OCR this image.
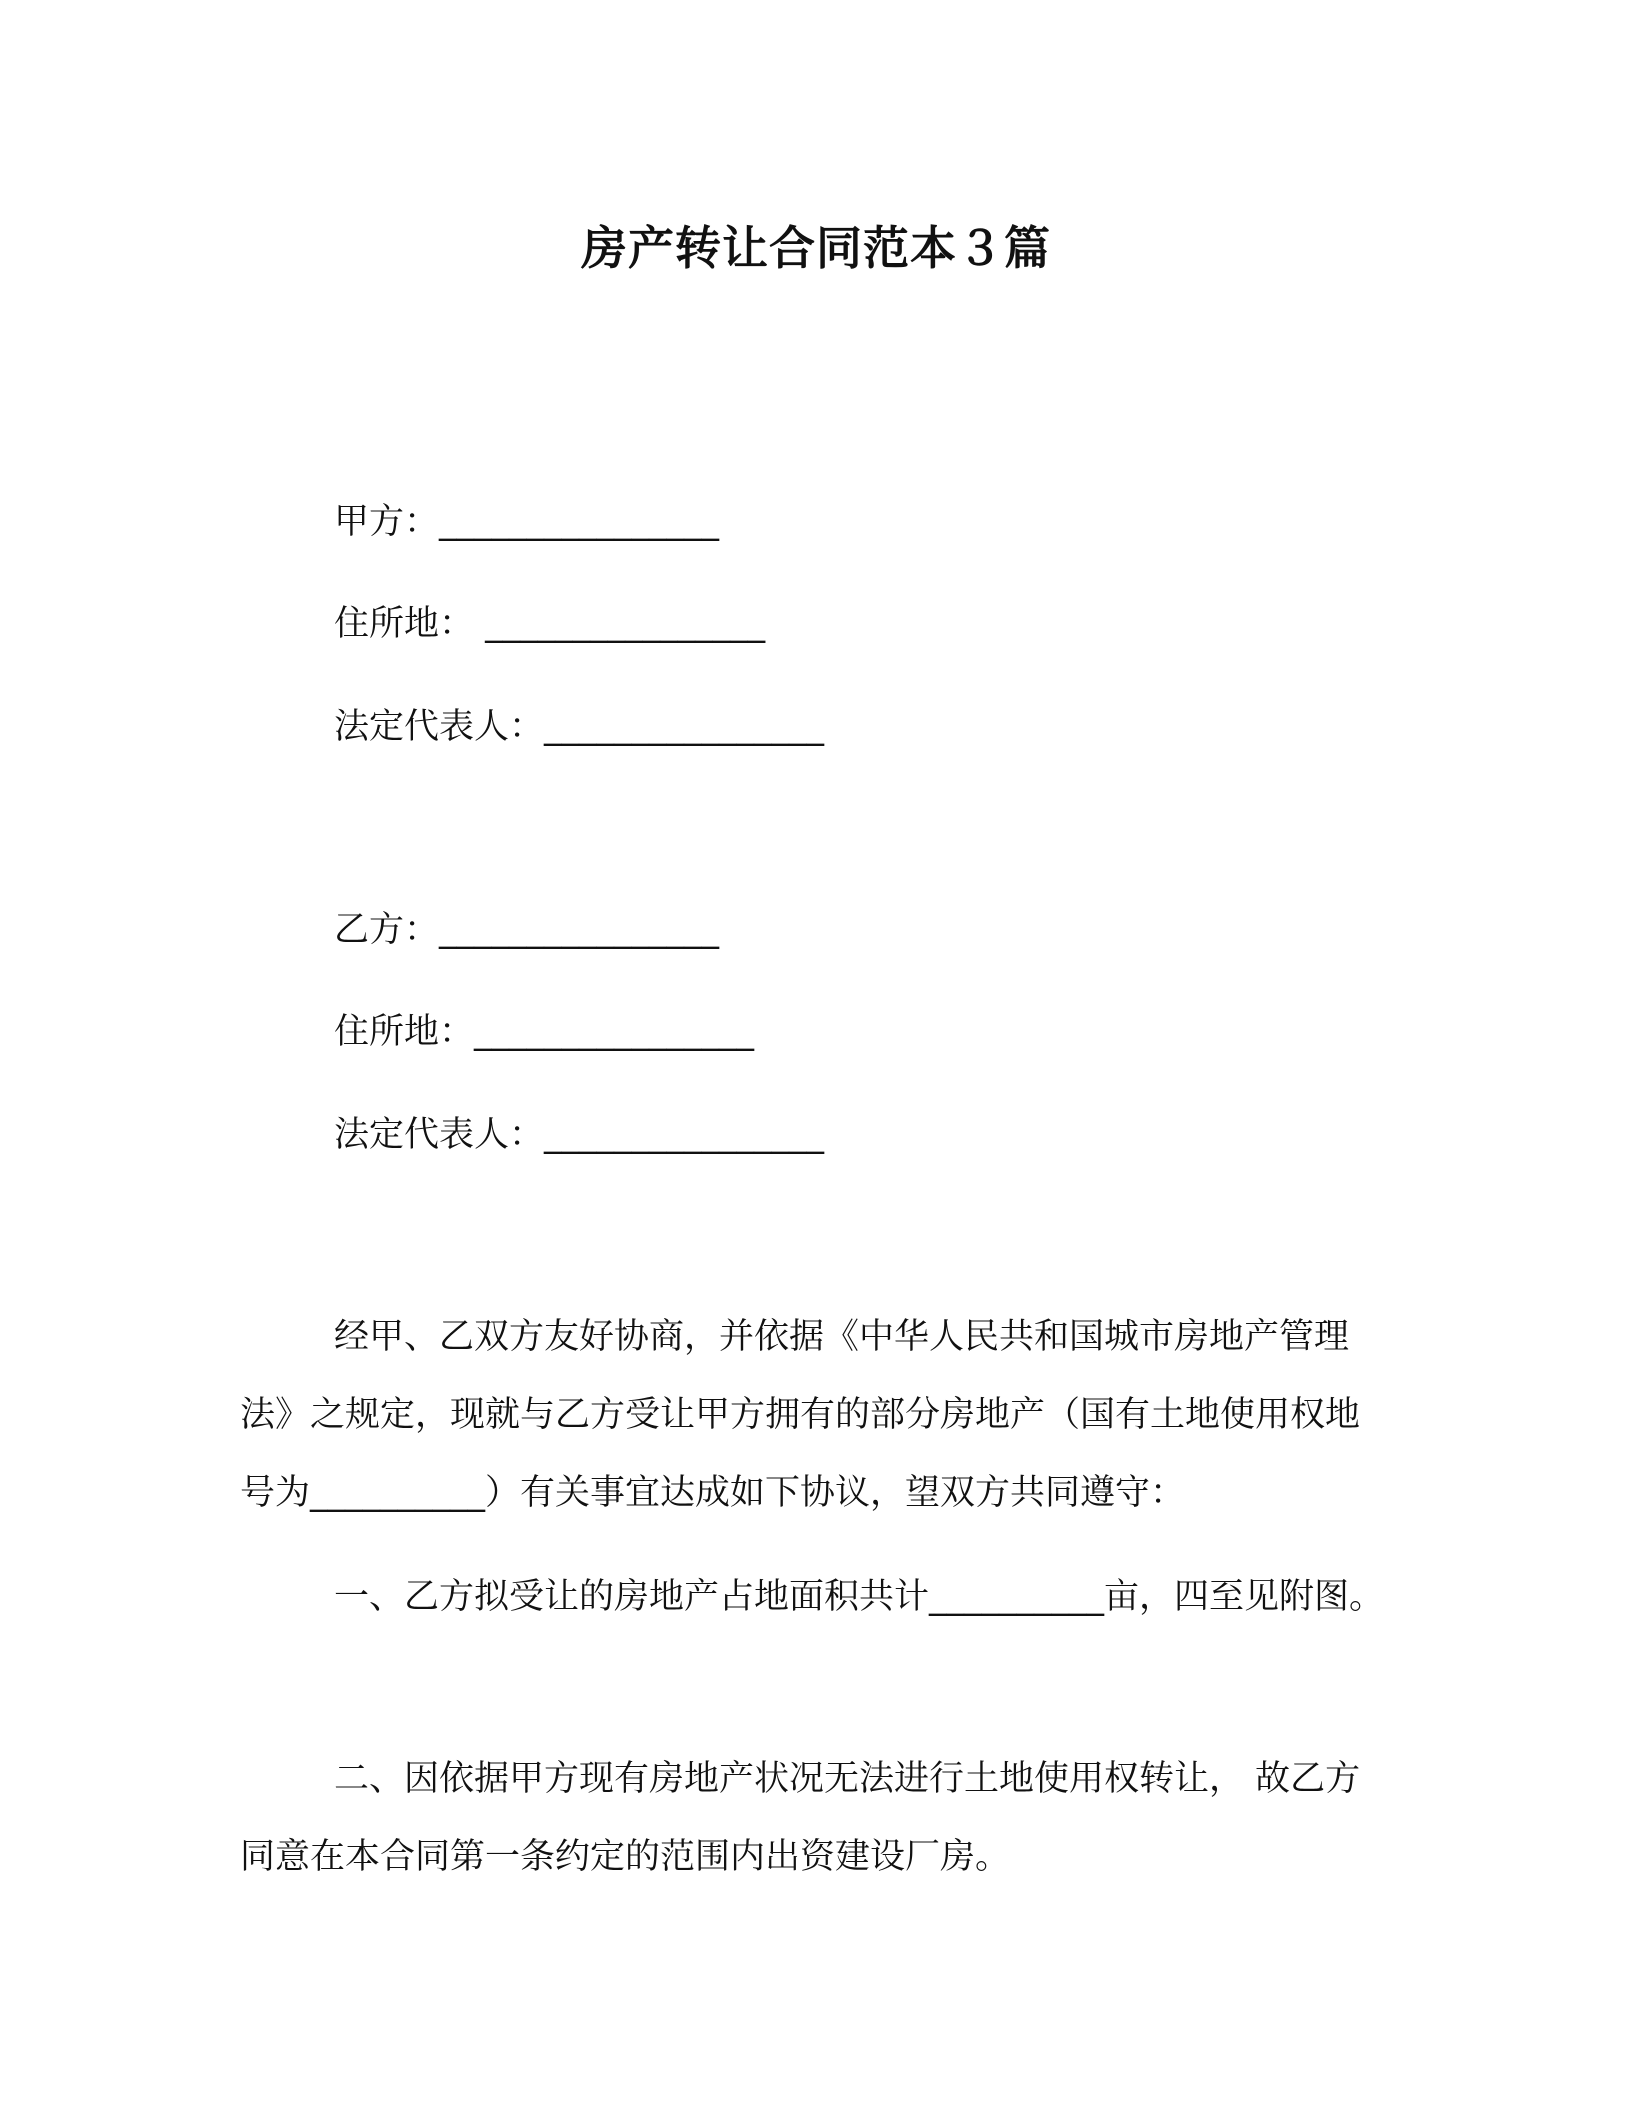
房产转让合同范本３篇
甲方：________________
住所地： ________________
法定代表人：________________
乙方：________________
住所地：________________
法定代表人：________________

经甲、乙双方友好协商，并依据《中华人民共和国城市房地产管理法》之规定，现就与乙方受让甲方拥有的部分房地产（国有土地使用权地号为__________）有关事宜达成如下协议，望双方共同遵守：

一、乙方拟受让的房地产占地面积共计__________亩，四至见附图。

二、因依据甲方现有房地产状况无法进行土地使用权转让， 故乙方同意在本合同第一条约定的范围内出资建设厂房。
